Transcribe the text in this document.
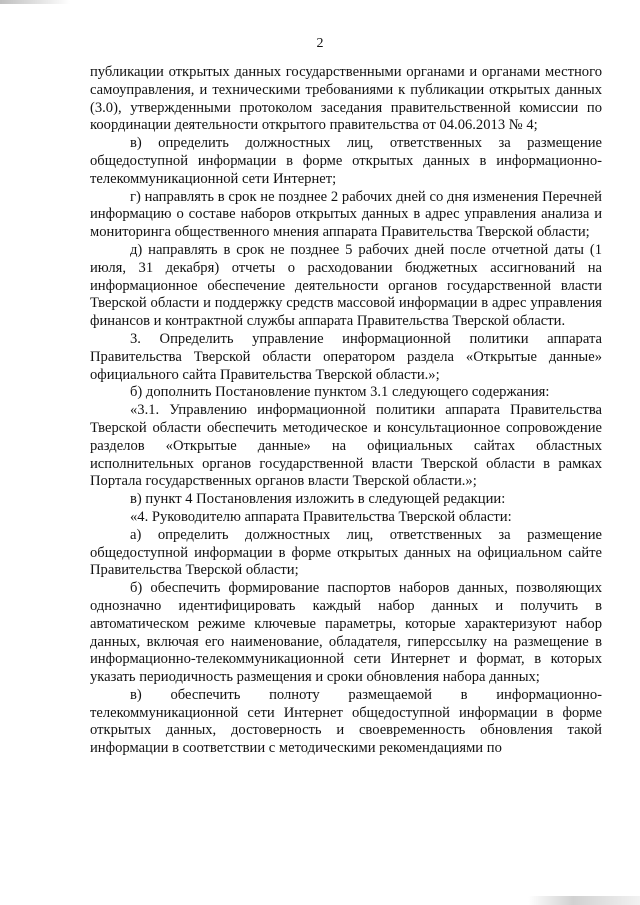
2

публикации открытых данных государственными органами и органами местного самоуправления, и техническими требованиями к публикации открытых данных (3.0), утвержденными протоколом заседания правительственной комиссии по координации деятельности открытого правительства от 04.06.2013 № 4;

в) определить должностных лиц, ответственных за размещение общедоступной информации в форме открытых данных в информационно-телекоммуникационной сети Интернет;

г) направлять в срок не позднее 2 рабочих дней со дня изменения Перечней информацию о составе наборов открытых данных в адрес управления анализа и мониторинга общественного мнения аппарата Правительства Тверской области;

д) направлять в срок не позднее 5 рабочих дней после отчетной даты (1 июля, 31 декабря) отчеты о расходовании бюджетных ассигнований на информационное обеспечение деятельности органов государственной власти Тверской области и поддержку средств массовой информации в адрес управления финансов и контрактной службы аппарата Правительства Тверской области.

3. Определить управление информационной политики аппарата Правительства Тверской области оператором раздела «Открытые данные» официального сайта Правительства Тверской области.»;

б) дополнить Постановление пунктом 3.1 следующего содержания:

«3.1. Управлению информационной политики аппарата Правительства Тверской области обеспечить методическое и консультационное сопровождение разделов «Открытые данные» на официальных сайтах областных исполнительных органов государственной власти Тверской области в рамках Портала государственных органов власти Тверской области.»;

в) пункт 4 Постановления изложить в следующей редакции:

«4. Руководителю аппарата Правительства Тверской области:

а) определить должностных лиц, ответственных за размещение общедоступной информации в форме открытых данных на официальном сайте Правительства Тверской области;

б) обеспечить формирование паспортов наборов данных, позволяющих однозначно идентифицировать каждый набор данных и получить в автоматическом режиме ключевые параметры, которые характеризуют набор данных, включая его наименование, обладателя, гиперссылку на размещение в информационно-телекоммуникационной сети Интернет и формат, в которых указать периодичность размещения и сроки обновления набора данных;

в) обеспечить полноту размещаемой в информационно-телекоммуникационной сети Интернет общедоступной информации в форме открытых данных, достоверность и своевременность обновления такой информации в соответствии с методическими рекомендациями по
